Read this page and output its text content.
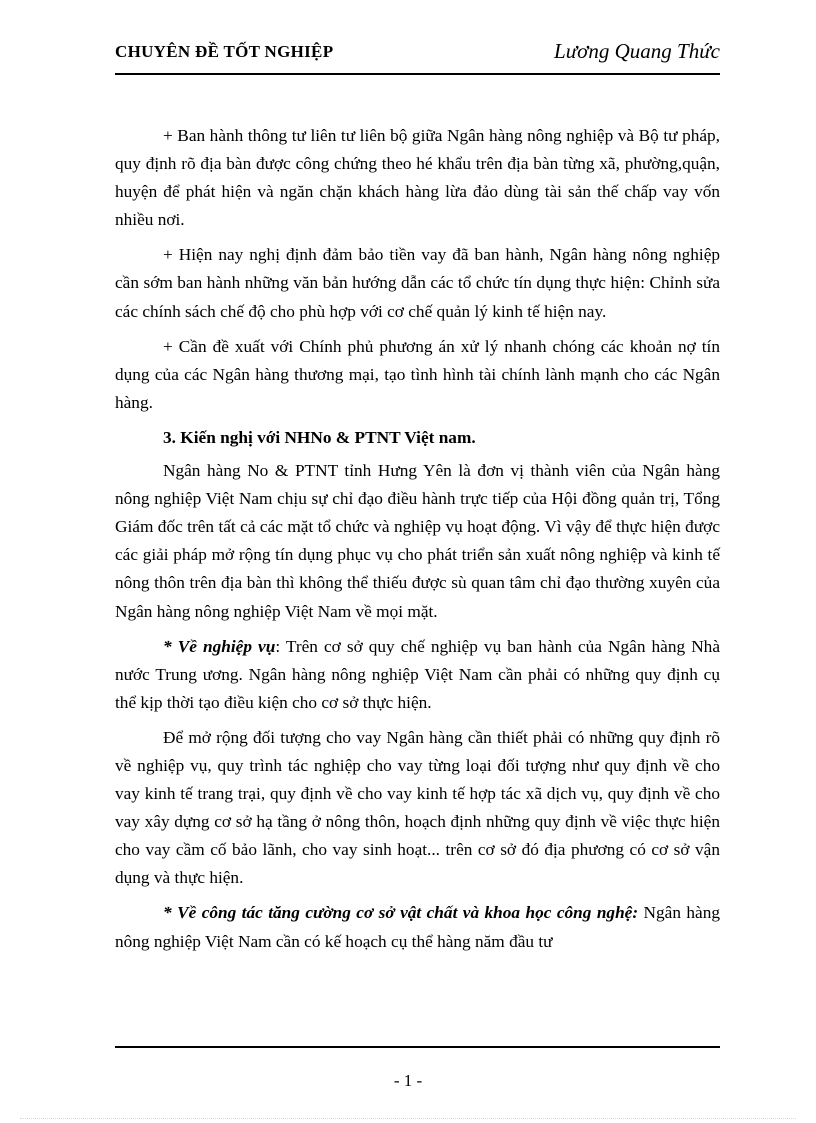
CHUYÊN ĐỀ TỐT NGHIỆP	Lương Quang Thức

+ Ban hành thông tư liên tư liên bộ giữa Ngân hàng nông nghiệp và Bộ tư pháp, quy định rõ địa bàn được công chứng theo hé khẩu trên địa bàn từng xã, phường,quận, huyện để phát hiện và ngăn chặn khách hàng lừa đảo dùng tài sản thế chấp vay vốn nhiều nơi.

+ Hiện nay nghị định đảm bảo tiền vay đã ban hành, Ngân hàng nông nghiệp cần sớm ban hành những văn bản hướng dẫn các tổ chức tín dụng thực hiện: Chỉnh sửa các chính sách chế độ cho phù hợp với cơ chế quản lý kinh tế hiện nay.

+ Cần đề xuất với Chính phủ phương án xử lý nhanh chóng các khoản nợ tín dụng của các Ngân hàng thương mại, tạo tình hình tài chính lành mạnh cho các Ngân hàng.

3. Kiến nghị với NHNo & PTNT Việt nam.

Ngân hàng No & PTNT tỉnh Hưng Yên là đơn vị thành viên của Ngân hàng nông nghiệp Việt Nam chịu sự chỉ đạo điều hành trực tiếp của Hội đồng quản trị, Tổng Giám đốc trên tất cả các mặt tổ chức và nghiệp vụ hoạt động. Vì vậy để thực hiện được các giải pháp mở rộng tín dụng phục vụ cho phát triển sản xuất nông nghiệp và kinh tế nông thôn trên địa bàn thì không thể thiếu được sù quan tâm chỉ đạo thường xuyên của Ngân hàng nông nghiệp Việt Nam về mọi mặt.

* Về nghiệp vụ: Trên cơ sở quy chế nghiệp vụ ban hành của Ngân hàng Nhà nước Trung ương. Ngân hàng nông nghiệp Việt Nam cần phải có những quy định cụ thể kịp thời tạo điều kiện cho cơ sở thực hiện.

Để mở rộng đối tượng cho vay Ngân hàng cần thiết phải có những quy định rõ về nghiệp vụ, quy trình tác nghiệp cho vay từng loại đối tượng như quy định về cho vay kinh tế trang trại, quy định về cho vay kinh tế hợp tác xã dịch vụ, quy định về cho vay xây dựng cơ sở hạ tầng ở nông thôn, hoạch định những quy định về việc thực hiện cho vay cầm cố bảo lãnh, cho vay sinh hoạt... trên cơ sở đó địa phương có cơ sở vận dụng và thực hiện.

* Về công tác tăng cường cơ sở vật chất và khoa học công nghệ: Ngân hàng nông nghiệp Việt Nam cần có kế hoạch cụ thể hàng năm đầu tư

- 1 -
